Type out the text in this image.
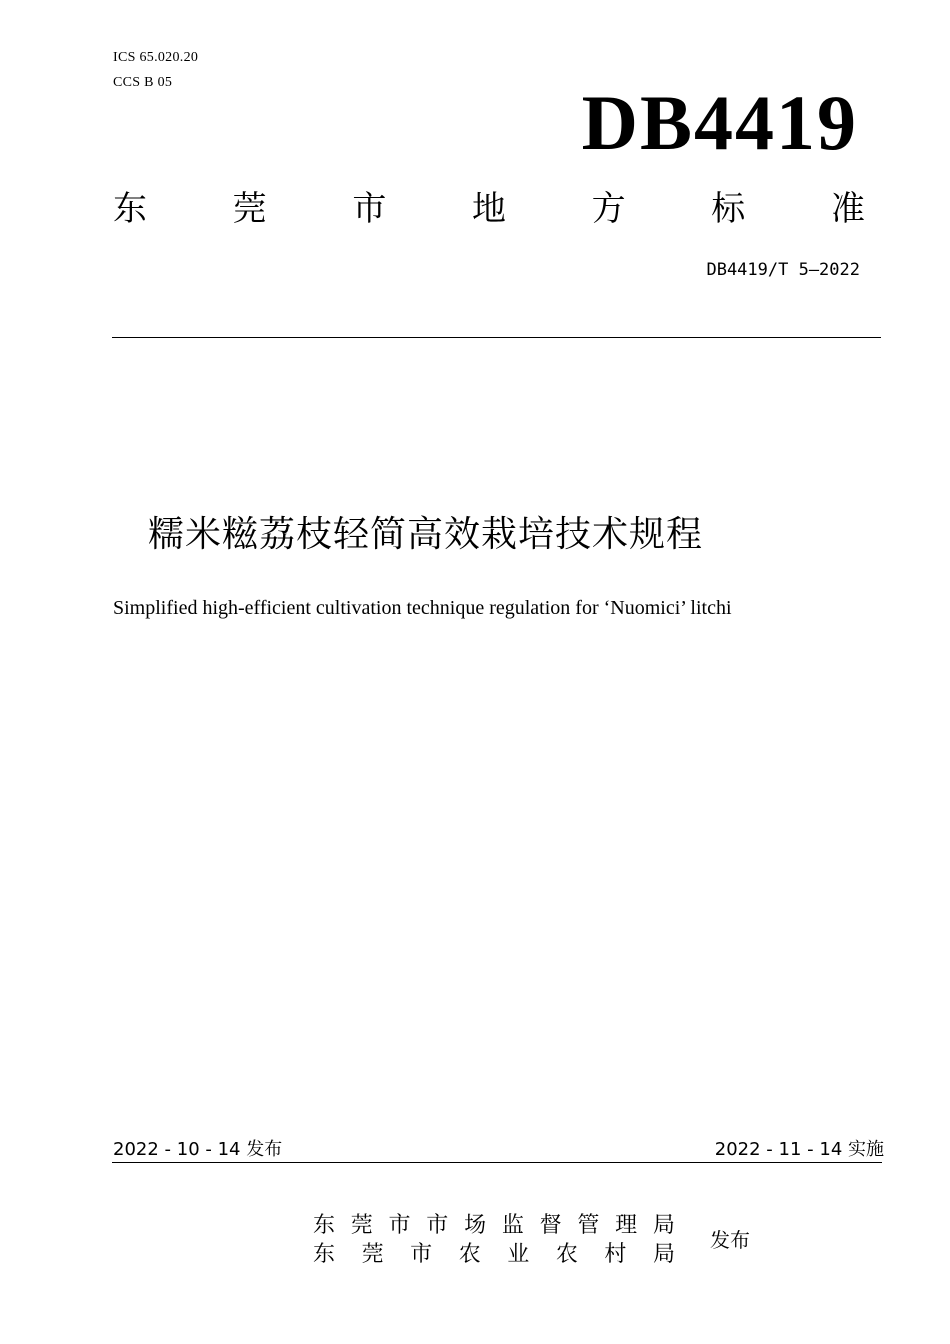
ICS 65.020.20
CCS B 05	DB4419
东	莞	市	地	方	标	准
DB4419/T 5—2022
糯米糍荔枝轻简高效栽培技术规程
Simplified high-efficient cultivation technique regulation for ‘Nuomici’ litchi
2022 - 10 - 14 发布	2022 - 11 - 14 实施
东 莞 市 市 场 监 督 管 理 局
东 莞 市 农 业 农 村 局
发布
